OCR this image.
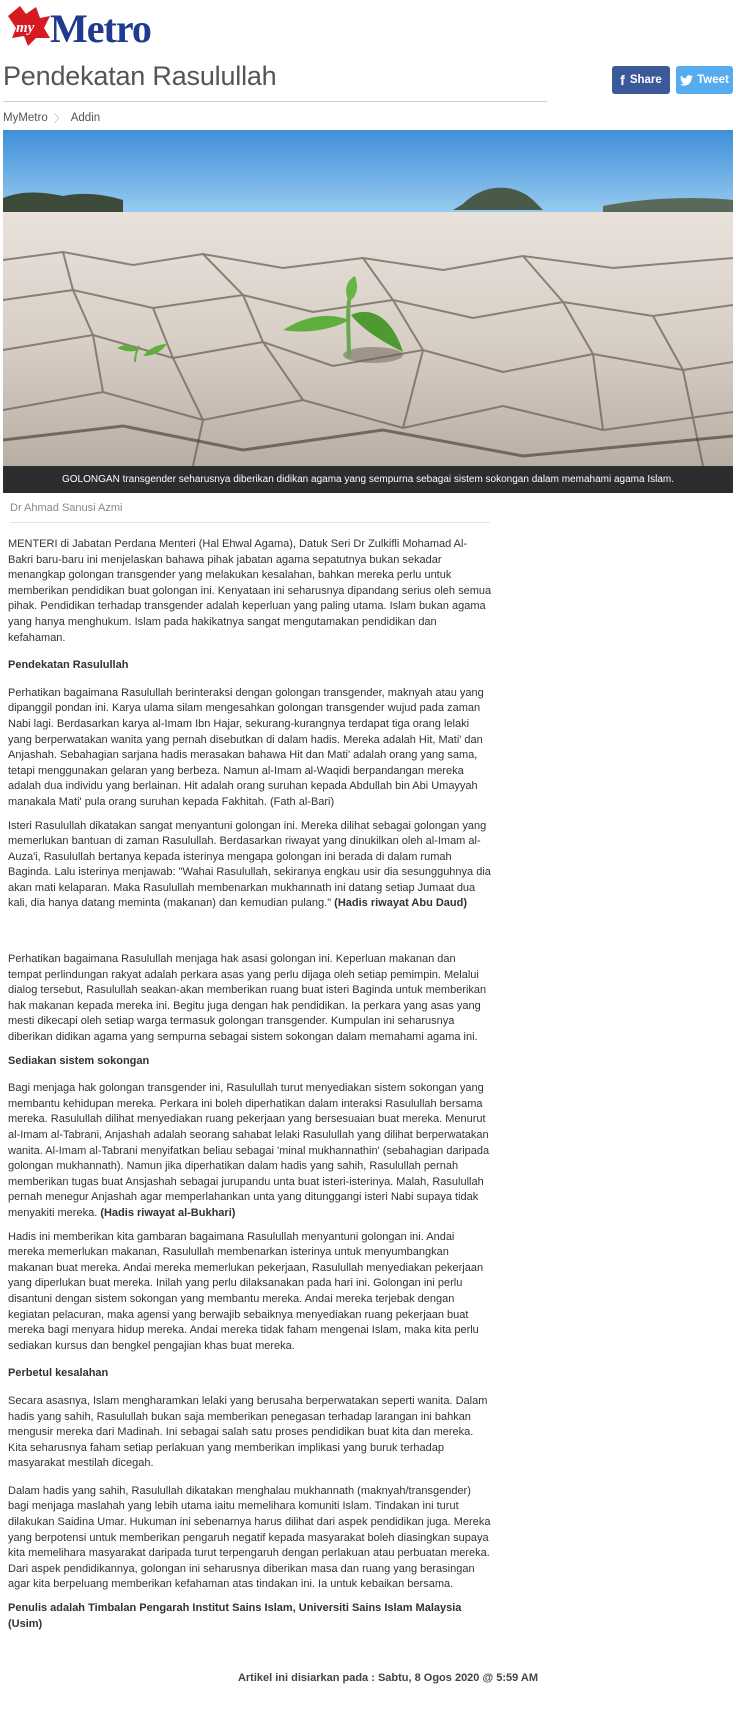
my Metro
Pendekatan Rasulullah	f Share	Tweet
MyMetro 〉 Addin
GOLONGAN transgender seharusnya diberikan didikan agama yang sempurna sebagai sistem sokongan dalam memahami agama Islam.
Dr Ahmad Sanusi Azmi

MENTERI di Jabatan Perdana Menteri (Hal Ehwal Agama), Datuk Seri Dr Zulkifli Mohamad Al-Bakri baru-baru ini menjelaskan bahawa pihak jabatan agama sepatutnya bukan sekadar menangkap golongan transgender yang melakukan kesalahan, bahkan mereka perlu untuk memberikan pendidikan buat golongan ini. Kenyataan ini seharusnya dipandang serius oleh semua pihak. Pendidikan terhadap transgender adalah keperluan yang paling utama. Islam bukan agama yang hanya menghukum. Islam pada hakikatnya sangat mengutamakan pendidikan dan kefahaman.

Pendekatan Rasulullah

Perhatikan bagaimana Rasulullah berinteraksi dengan golongan transgender, maknyah atau yang dipanggil pondan ini. Karya ulama silam mengesahkan golongan transgender wujud pada zaman Nabi lagi. Berdasarkan karya al-Imam Ibn Hajar, sekurang-kurangnya terdapat tiga orang lelaki yang berperwatakan wanita yang pernah disebutkan di dalam hadis. Mereka adalah Hit, Mati' dan Anjashah. Sebahagian sarjana hadis merasakan bahawa Hit dan Mati' adalah orang yang sama, tetapi menggunakan gelaran yang berbeza. Namun al-Imam al-Waqidi berpandangan mereka adalah dua individu yang berlainan. Hit adalah orang suruhan kepada Abdullah bin Abi Umayyah manakala Mati' pula orang suruhan kepada Fakhitah. (Fath al-Bari)

Isteri Rasulullah dikatakan sangat menyantuni golongan ini. Mereka dilihat sebagai golongan yang memerlukan bantuan di zaman Rasulullah. Berdasarkan riwayat yang dinukilkan oleh al-Imam al-Auza'i, Rasulullah bertanya kepada isterinya mengapa golongan ini berada di dalam rumah Baginda. Lalu isterinya menjawab: "Wahai Rasulullah, sekiranya engkau usir dia sesungguhnya dia akan mati kelaparan. Maka Rasulullah membenarkan mukhannath ini datang setiap Jumaat dua kali, dia hanya datang meminta (makanan) dan kemudian pulang." (Hadis riwayat Abu Daud)

Perhatikan bagaimana Rasulullah menjaga hak asasi golongan ini. Keperluan makanan dan tempat perlindungan rakyat adalah perkara asas yang perlu dijaga oleh setiap pemimpin. Melalui dialog tersebut, Rasulullah seakan-akan memberikan ruang buat isteri Baginda untuk memberikan hak makanan kepada mereka ini. Begitu juga dengan hak pendidikan. Ia perkara yang asas yang mesti dikecapi oleh setiap warga termasuk golongan transgender. Kumpulan ini seharusnya diberikan didikan agama yang sempurna sebagai sistem sokongan dalam memahami agama ini.

Sediakan sistem sokongan

Bagi menjaga hak golongan transgender ini, Rasulullah turut menyediakan sistem sokongan yang membantu kehidupan mereka. Perkara ini boleh diperhatikan dalam interaksi Rasulullah bersama mereka. Rasulullah dilihat menyediakan ruang pekerjaan yang bersesuaian buat mereka. Menurut al-Imam al-Tabrani, Anjashah adalah seorang sahabat lelaki Rasulullah yang dilihat berperwatakan wanita. Al-Imam al-Tabrani menyifatkan beliau sebagai 'minal mukhannathin' (sebahagian daripada golongan mukhannath). Namun jika diperhatikan dalam hadis yang sahih, Rasulullah pernah memberikan tugas buat Ansjashah sebagai jurupandu unta buat isteri-isterinya. Malah, Rasulullah pernah menegur Anjashah agar memperlahankan unta yang ditunggangi isteri Nabi supaya tidak menyakiti mereka. (Hadis riwayat al-Bukhari)

Hadis ini memberikan kita gambaran bagaimana Rasulullah menyantuni golongan ini. Andai mereka memerlukan makanan, Rasulullah membenarkan isterinya untuk menyumbangkan makanan buat mereka. Andai mereka memerlukan pekerjaan, Rasulullah menyediakan pekerjaan yang diperlukan buat mereka. Inilah yang perlu dilaksanakan pada hari ini. Golongan ini perlu disantuni dengan sistem sokongan yang membantu mereka. Andai mereka terjebak dengan kegiatan pelacuran, maka agensi yang berwajib sebaiknya menyediakan ruang pekerjaan buat mereka bagi menyara hidup mereka. Andai mereka tidak faham mengenai Islam, maka kita perlu sediakan kursus dan bengkel pengajian khas buat mereka.

Perbetul kesalahan

Secara asasnya, Islam mengharamkan lelaki yang berusaha berperwatakan seperti wanita. Dalam hadis yang sahih, Rasulullah bukan saja memberikan penegasan terhadap larangan ini bahkan mengusir mereka dari Madinah. Ini sebagai salah satu proses pendidikan buat kita dan mereka. Kita seharusnya faham setiap perlakuan yang memberikan implikasi yang buruk terhadap masyarakat mestilah dicegah.

Dalam hadis yang sahih, Rasulullah dikatakan menghalau mukhannath (maknyah/transgender) bagi menjaga maslahah yang lebih utama iaitu memelihara komuniti Islam. Tindakan ini turut dilakukan Saidina Umar. Hukuman ini sebenarnya harus dilihat dari aspek pendidikan juga. Mereka yang berpotensi untuk memberikan pengaruh negatif kepada masyarakat boleh diasingkan supaya kita memelihara masyarakat daripada turut terpengaruh dengan perlakuan atau perbuatan mereka. Dari aspek pendidikannya, golongan ini seharusnya diberikan masa dan ruang yang berasingan agar kita berpeluang memberikan kefahaman atas tindakan ini. Ia untuk kebaikan bersama.

Penulis adalah Timbalan Pengarah Institut Sains Islam, Universiti Sains Islam Malaysia (Usim)

Artikel ini disiarkan pada : Sabtu, 8 Ogos 2020 @ 5:59 AM
